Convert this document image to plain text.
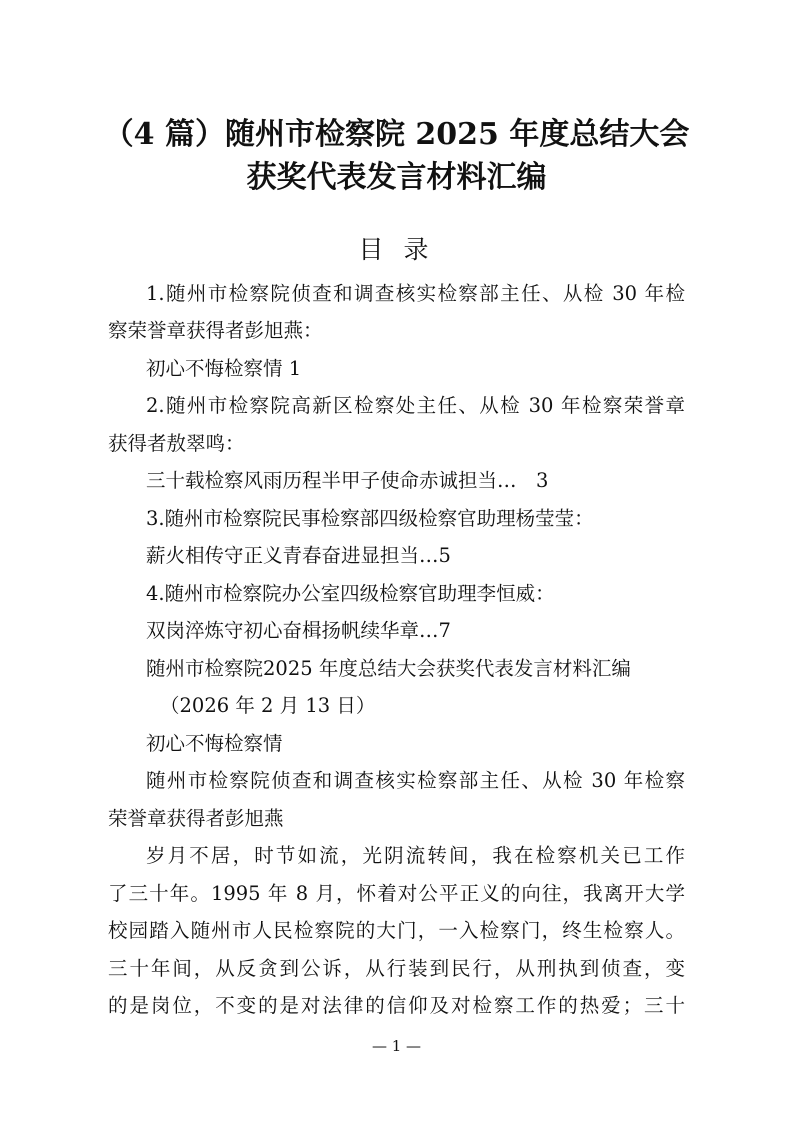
（4 篇）随州市检察院 2025 年度总结大会
获奖代表发言材料汇编
目 录
1.随州市检察院侦查和调查核实检察部主任、从检 30 年检
察荣誉章获得者彭旭燕：
初心不悔检察情 1
2.随州市检察院高新区检察处主任、从检 30 年检察荣誉章
获得者敖翠鸣：
三十载检察风雨历程半甲子使命赤诚担当…　3
3.随州市检察院民事检察部四级检察官助理杨莹莹：
薪火相传守正义青春奋进显担当…5
4.随州市检察院办公室四级检察官助理李恒威：
双岗淬炼守初心奋楫扬帆续华章…7
随州市检察院2025 年度总结大会获奖代表发言材料汇编
（2026 年 2 月 13 日）
初心不悔检察情
随州市检察院侦查和调查核实检察部主任、从检 30 年检察
荣誉章获得者彭旭燕
岁月不居，时节如流，光阴流转间，我在检察机关已工作
了三十年。1995 年 8 月，怀着对公平正义的向往，我离开大学
校园踏入随州市人民检察院的大门，一入检察门，终生检察人。
三十年间，从反贪到公诉，从行装到民行，从刑执到侦查，变
的是岗位，不变的是对法律的信仰及对检察工作的热爱；三十
— 1 —
